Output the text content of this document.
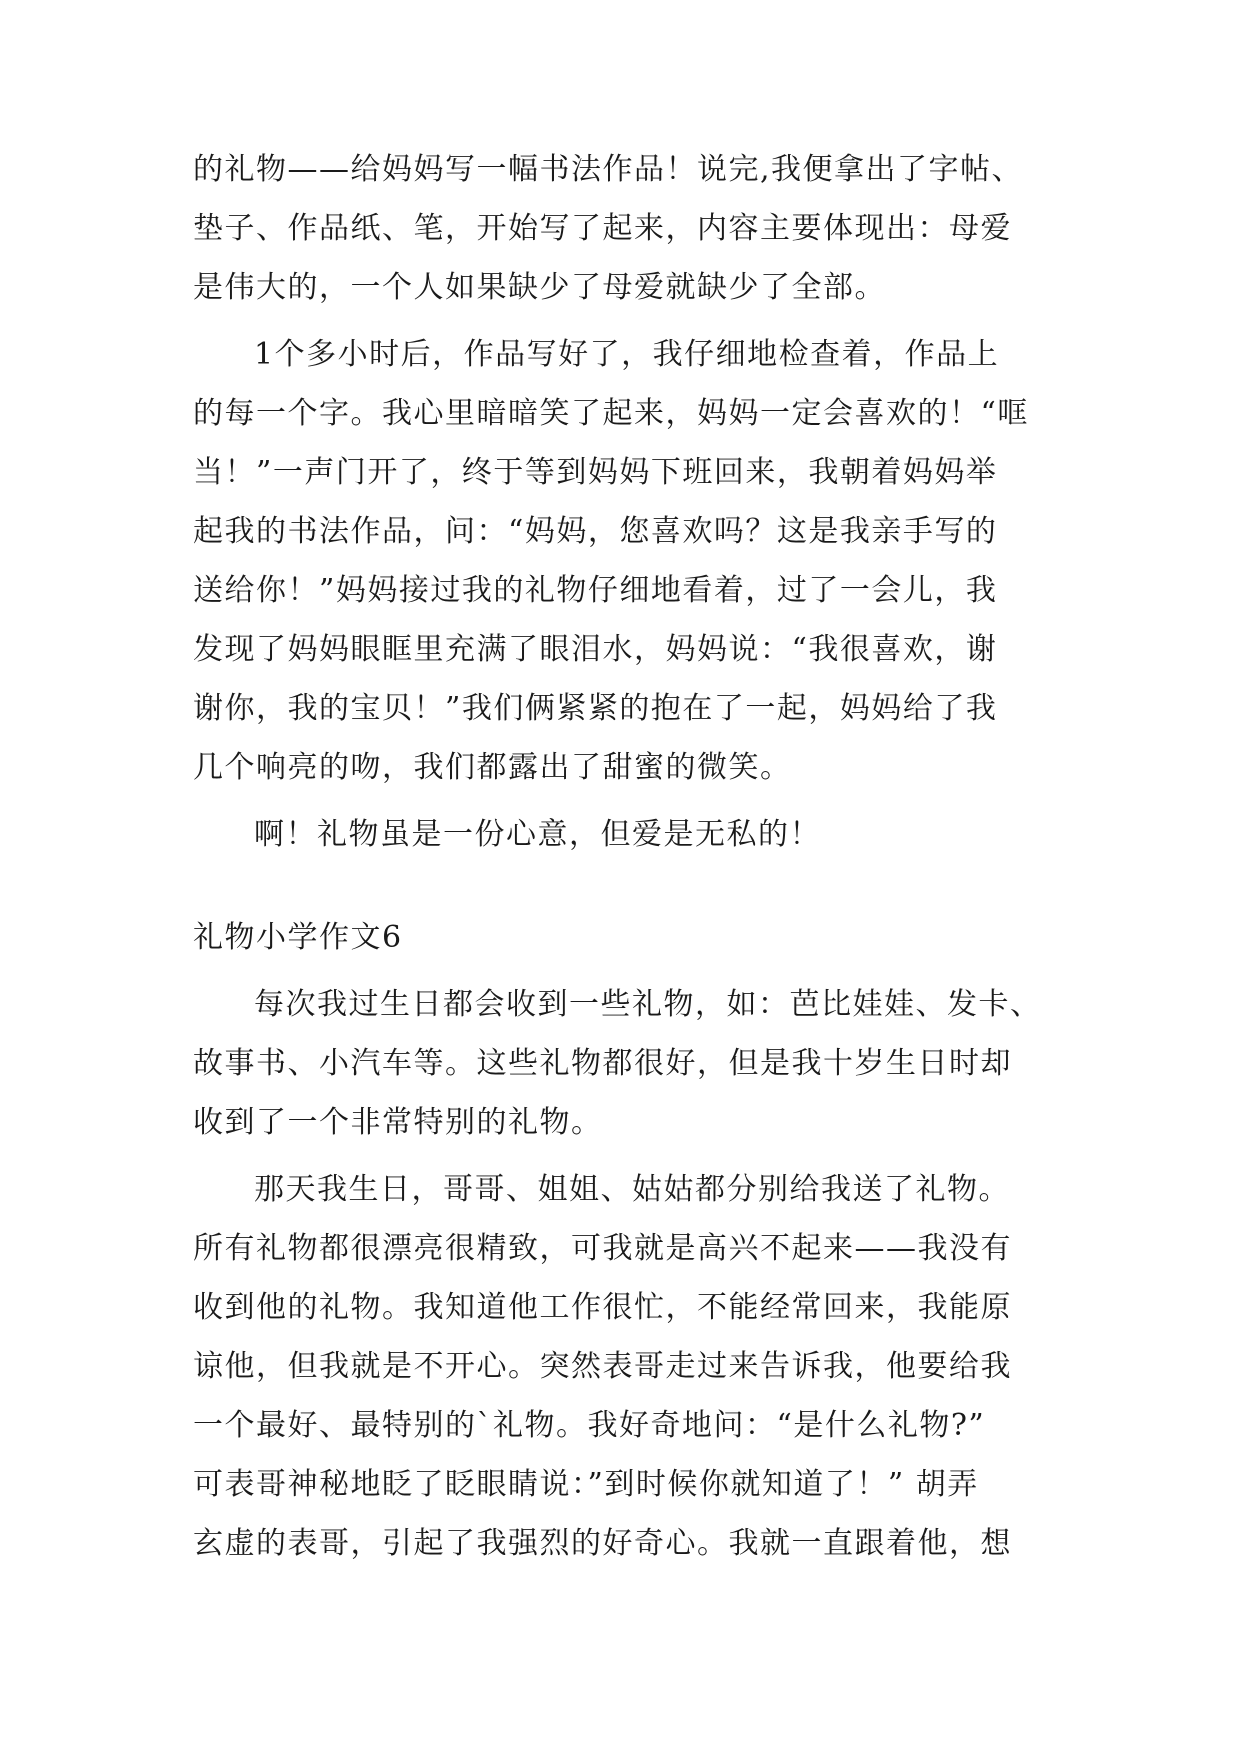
的礼物——给妈妈写一幅书法作品！说完,我便拿出了字帖、
垫子、作品纸、笔，开始写了起来，内容主要体现出：母爱
是伟大的，一个人如果缺少了母爱就缺少了全部。
1个多小时后，作品写好了，我仔细地检查着，作品上
的每一个字。我心里暗暗笑了起来，妈妈一定会喜欢的！“哐
当！”一声门开了，终于等到妈妈下班回来，我朝着妈妈举
起我的书法作品，问：“妈妈，您喜欢吗？这是我亲手写的
送给你！”妈妈接过我的礼物仔细地看着，过了一会儿，我
发现了妈妈眼眶里充满了眼泪水，妈妈说：“我很喜欢，谢
谢你，我的宝贝！”我们俩紧紧的抱在了一起，妈妈给了我
几个响亮的吻，我们都露出了甜蜜的微笑。
啊！礼物虽是一份心意，但爱是无私的！
礼物小学作文6
每次我过生日都会收到一些礼物，如：芭比娃娃、发卡、
故事书、小汽车等。这些礼物都很好，但是我十岁生日时却
收到了一个非常特别的礼物。
那天我生日，哥哥、姐姐、姑姑都分别给我送了礼物。
所有礼物都很漂亮很精致，可我就是高兴不起来——我没有
收到他的礼物。我知道他工作很忙，不能经常回来，我能原
谅他，但我就是不开心。突然表哥走过来告诉我，他要给我
一个最好、最特别的`礼物。我好奇地问：“是什么礼物?”
可表哥神秘地眨了眨眼睛说：”到时候你就知道了！” 胡弄
玄虚的表哥，引起了我强烈的好奇心。我就一直跟着他，想
